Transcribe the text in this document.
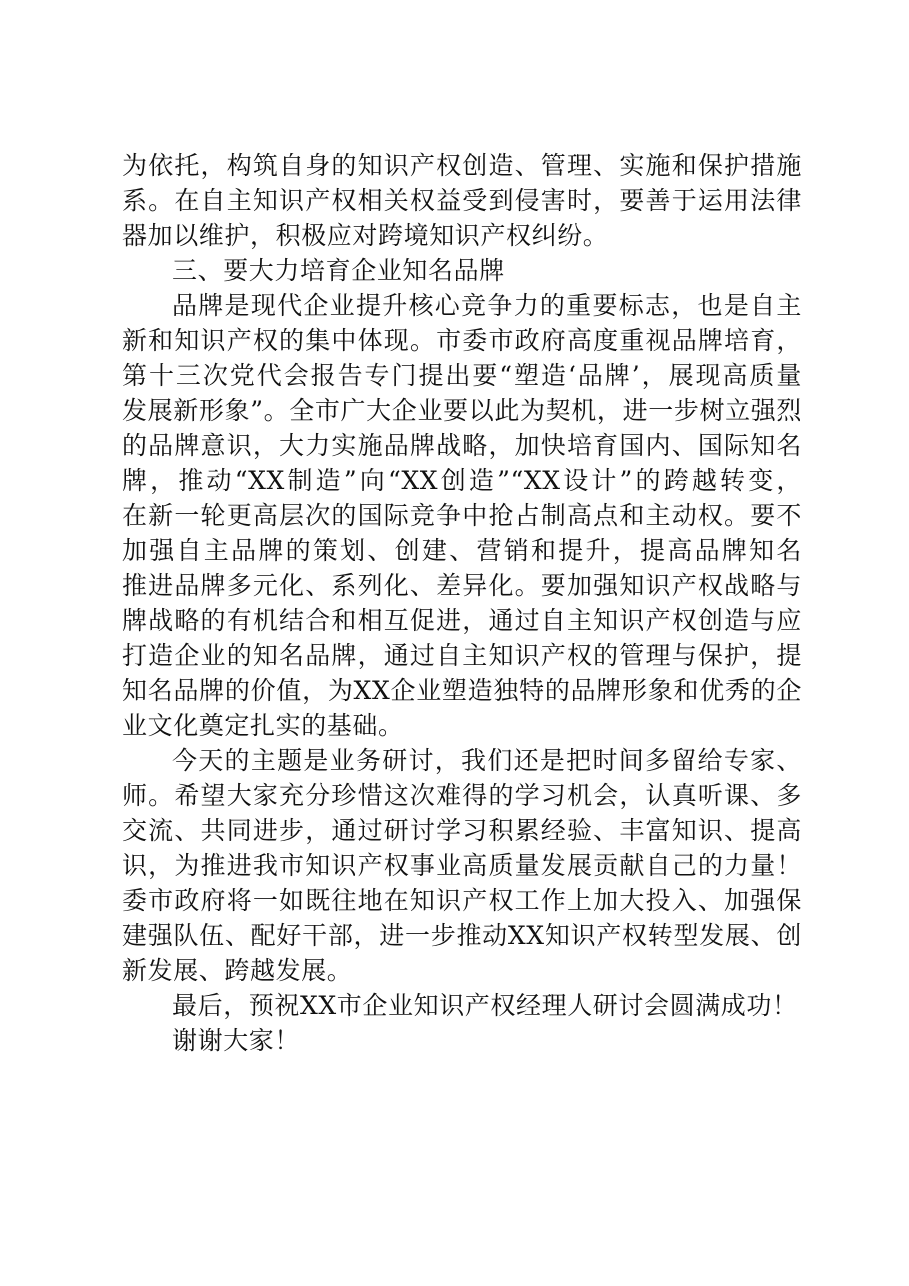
为依托，构筑自身的知识产权创造、管理、实施和保护措施
系。在自主知识产权相关权益受到侵害时，要善于运用法律
器加以维护，积极应对跨境知识产权纠纷。
三、要大力培育企业知名品牌
品牌是现代企业提升核心竞争力的重要标志，也是自主
新和知识产权的集中体现。市委市政府高度重视品牌培育，
第十三次党代会报告专门提出要“塑造‘品牌’，展现高质量
发展新形象”。全市广大企业要以此为契机，进一步树立强烈
的品牌意识，大力实施品牌战略，加快培育国内、国际知名
牌，推动“XX制造”向“XX创造”“XX设计”的跨越转变，
在新一轮更高层次的国际竞争中抢占制高点和主动权。要不
加强自主品牌的策划、创建、营销和提升，提高品牌知名
推进品牌多元化、系列化、差异化。要加强知识产权战略与
牌战略的有机结合和相互促进，通过自主知识产权创造与应
打造企业的知名品牌，通过自主知识产权的管理与保护，提
知名品牌的价值，为XX企业塑造独特的品牌形象和优秀的企
业文化奠定扎实的基础。
今天的主题是业务研讨，我们还是把时间多留给专家、
师。希望大家充分珍惜这次难得的学习机会，认真听课、多
交流、共同进步，通过研讨学习积累经验、丰富知识、提高
识，为推进我市知识产权事业高质量发展贡献自己的力量！
委市政府将一如既往地在知识产权工作上加大投入、加强保
建强队伍、配好干部，进一步推动XX知识产权转型发展、创
新发展、跨越发展。
最后，预祝XX市企业知识产权经理人研讨会圆满成功！
谢谢大家！
